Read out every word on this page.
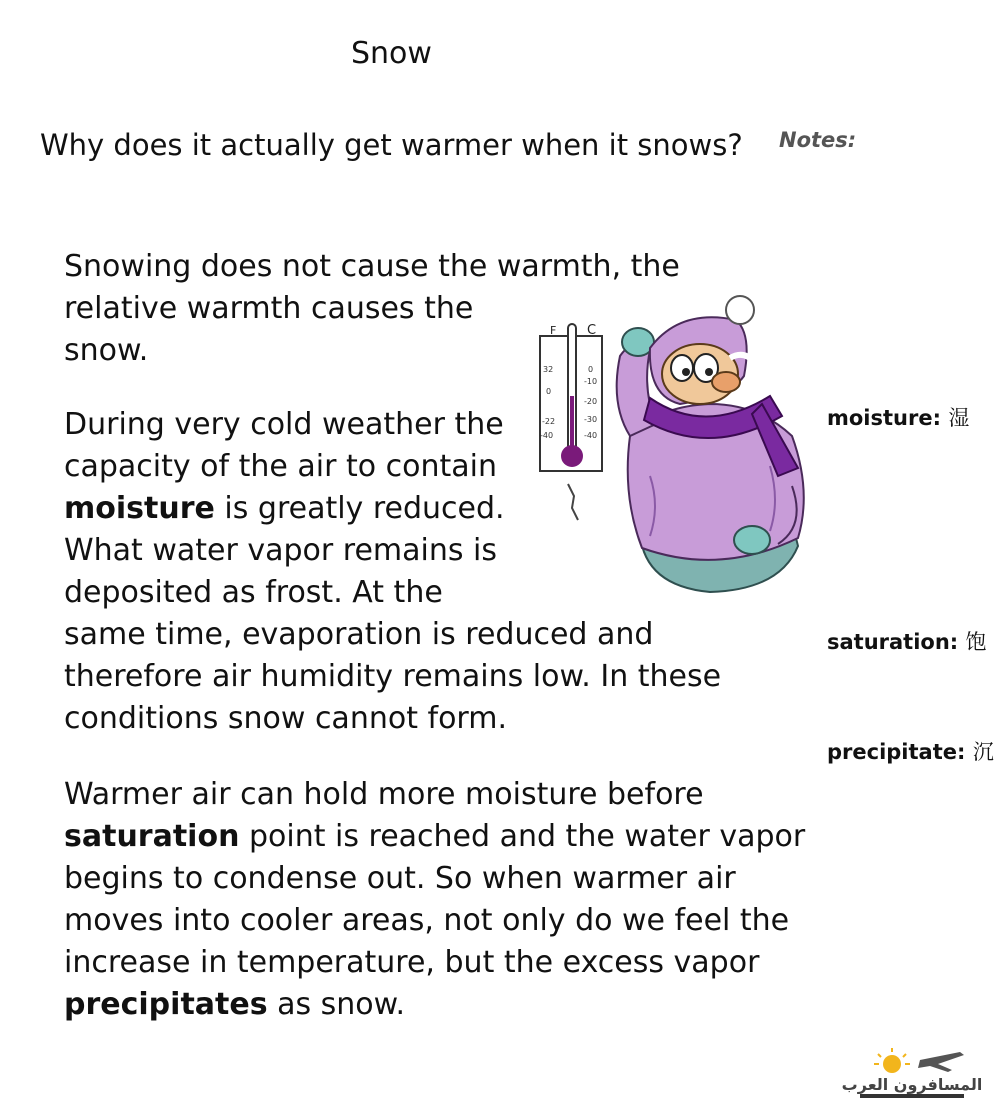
Snow

Why does it actually get warmer when it snows? Notes:

Snowing does not cause the warmth, the
relative warmth causes the
snow.

During very cold weather the
capacity of the air to contain
moisture is greatly reduced.
What water vapor remains is
deposited as frost. At the
same time, evaporation is reduced and
therefore air humidity remains low. In these
conditions snow cannot form.

Warmer air can hold more moisture before
saturation point is reached and the water vapor
begins to condense out. So when warmer air
moves into cooler areas, not only do we feel the
increase in temperature, but the excess vapor
precipitates as snow.

moisture: 湿

saturation: 饱

precipitate: 沉

F C
32
0
-22
-40
0
-10
-20
-30
-40
المسافرون العرب
